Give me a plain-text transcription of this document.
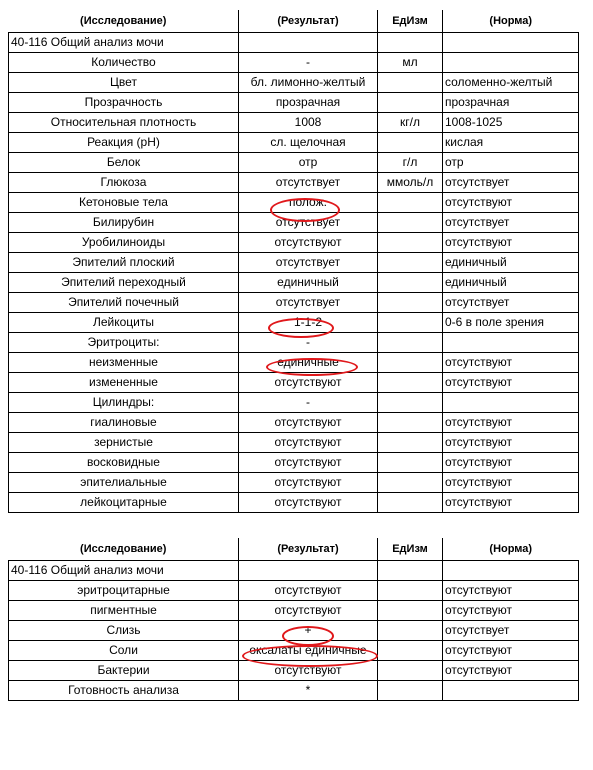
(Исследование)	(Результат)	ЕдИзм	(Норма)
40-116 Общий анализ мочи			
Количество	-	мл	
Цвет	бл. лимонно-желтый		соломенно-желтый
Прозрачность	прозрачная		прозрачная
Относительная плотность	1008	кг/л	1008-1025
Реакция (pH)	сл. щелочная		кислая
Белок	отр	г/л	отр
Глюкоза	отсутствует	ммоль/л	отсутствует
Кетоновые тела	полож.		отсутствуют
Билирубин	отсутствует		отсутствует
Уробилиноиды	отсутствуют		отсутствуют
Эпителий плоский	отсутствует		единичный
Эпителий переходный	единичный		единичный
Эпителий почечный	отсутствует		отсутствует
Лейкоциты	1-1-2		0-6 в поле зрения
Эритроциты:	-		
неизменные	единичные		отсутствуют
измененные	отсутствуют		отсутствуют
Цилиндры:	-		
гиалиновые	отсутствуют		отсутствуют
зернистые	отсутствуют		отсутствуют
восковидные	отсутствуют		отсутствуют
эпителиальные	отсутствуют		отсутствуют
лейкоцитарные	отсутствуют		отсутствуют
(Исследование)	(Результат)	ЕдИзм	(Норма)
40-116 Общий анализ мочи			
эритроцитарные	отсутствуют		отсутствуют
пигментные	отсутствуют		отсутствуют
Слизь	+		отсутствует
Соли	оксалаты единичные		отсутствуют
Бактерии	отсутствуют		отсутствуют
Готовность анализа	*		
